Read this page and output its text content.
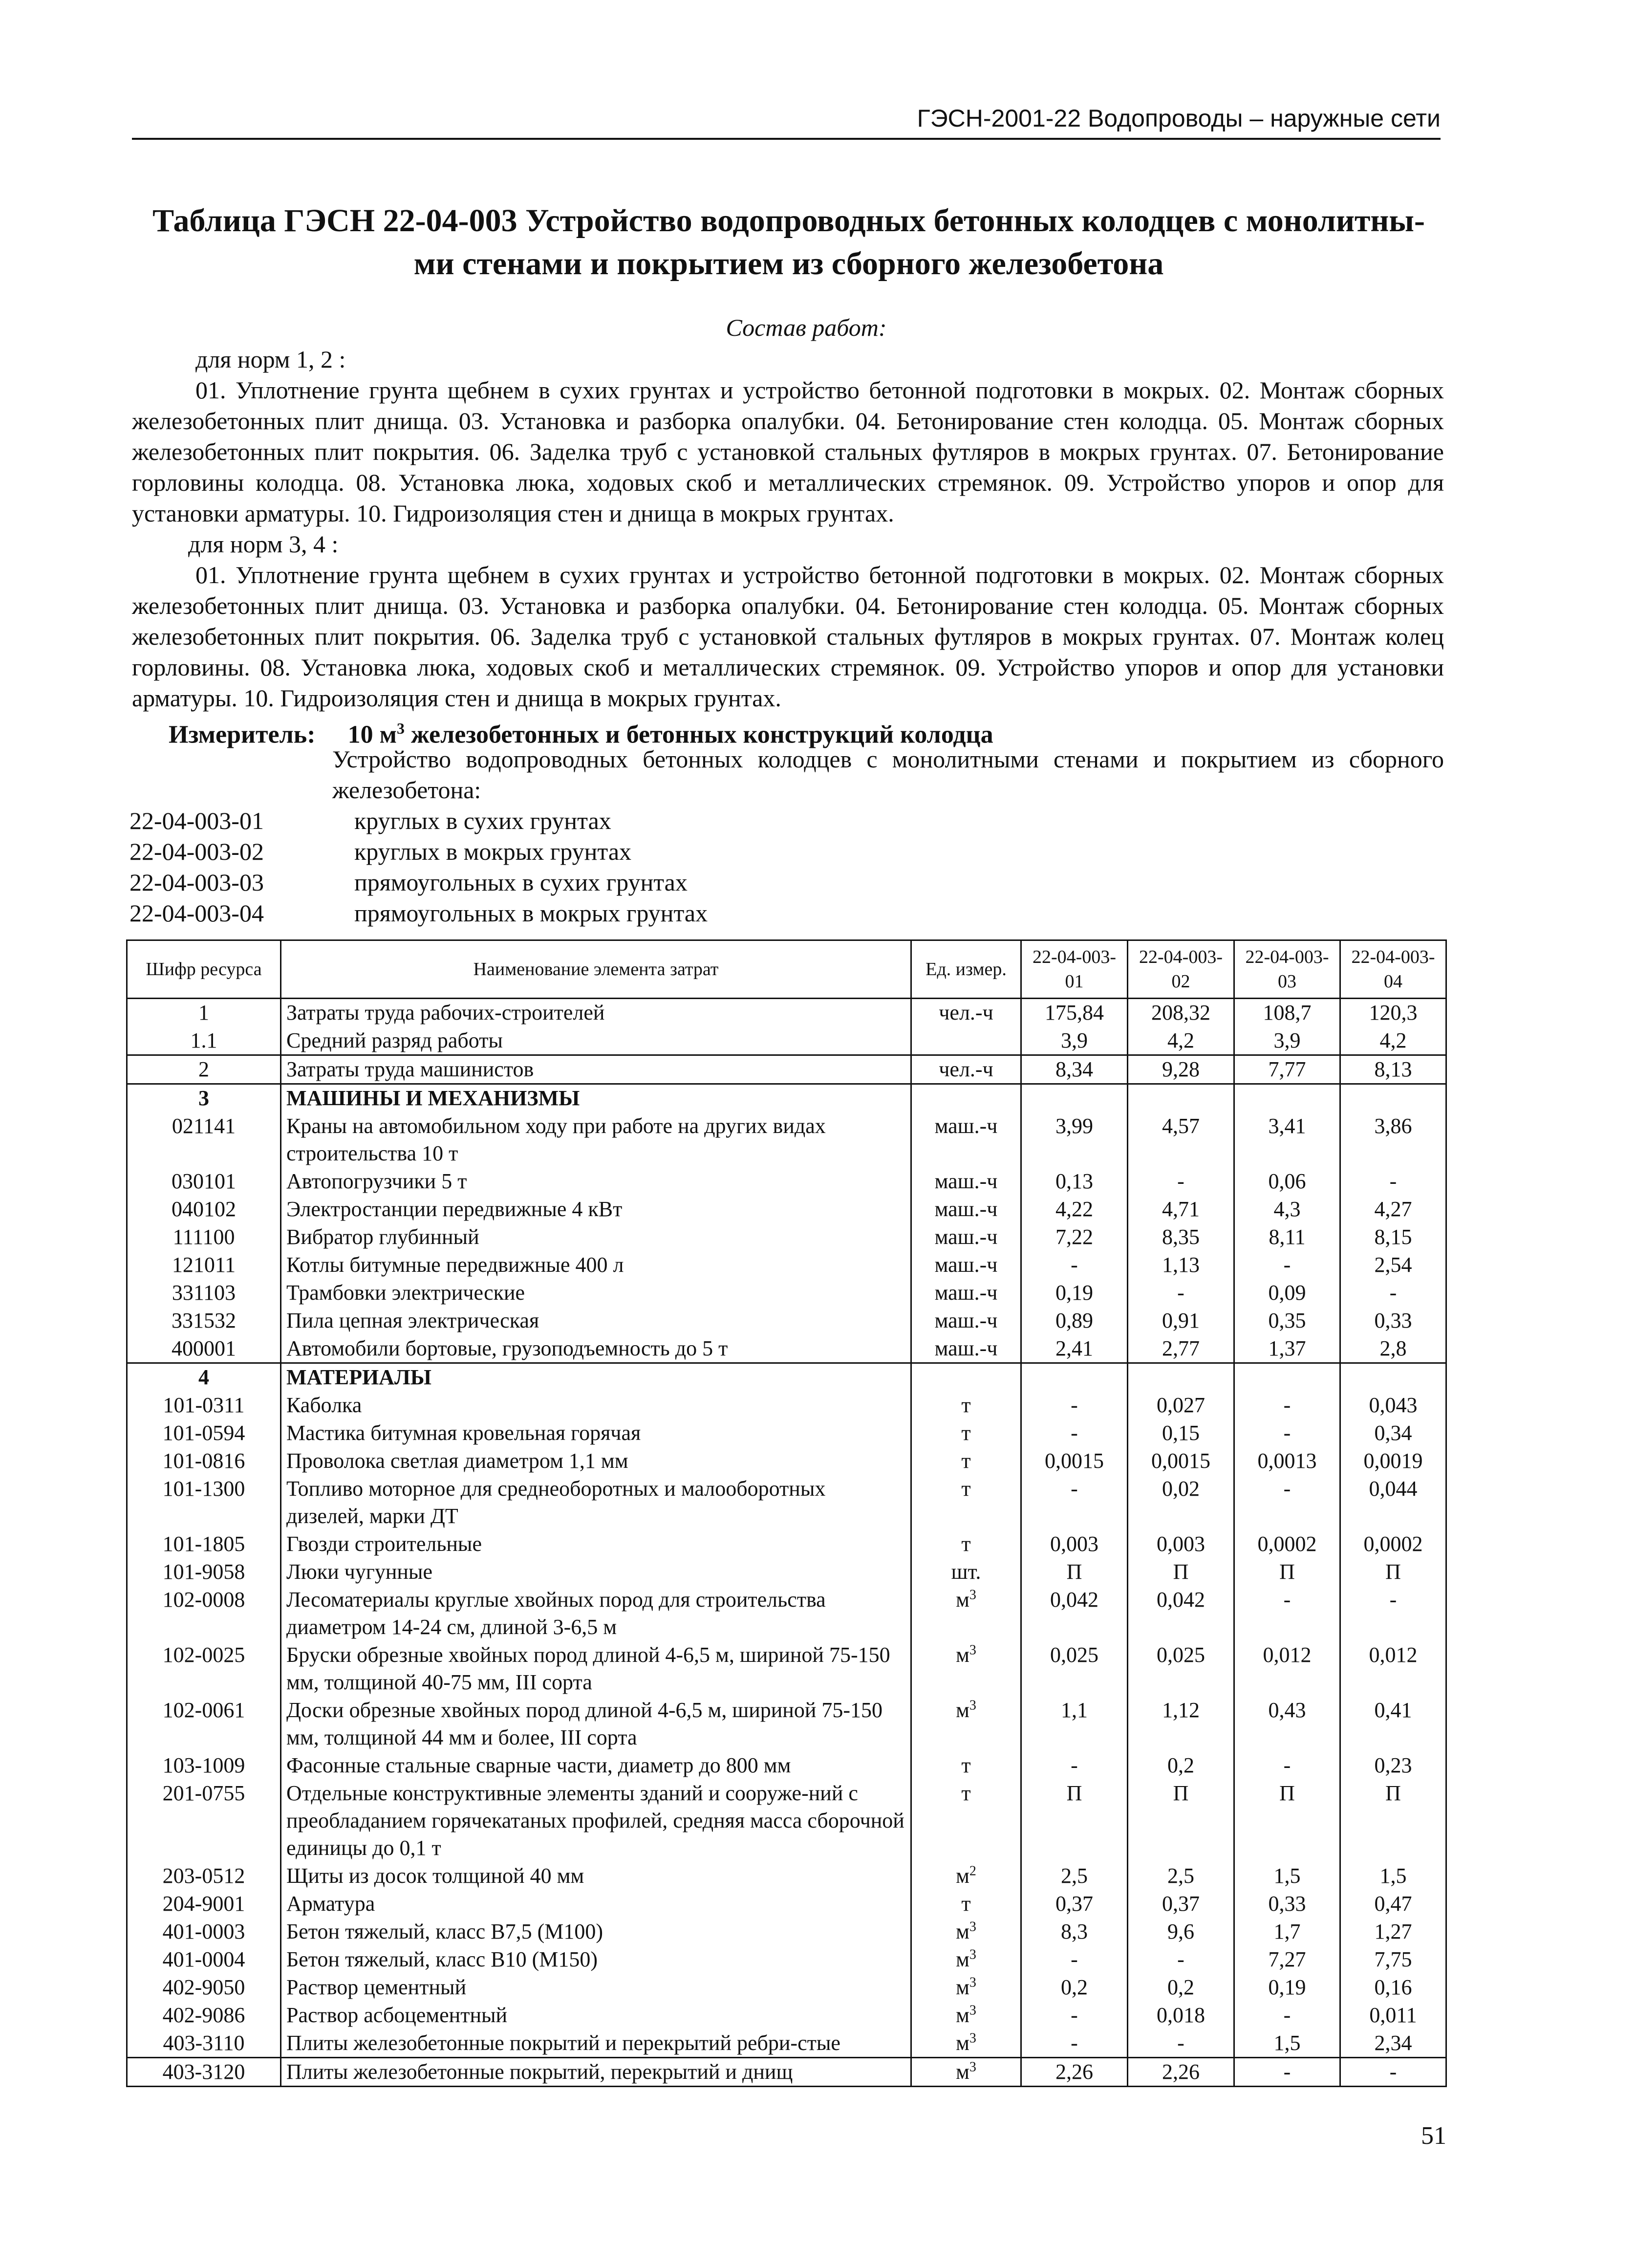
ГЭСН-2001-22 Водопроводы – наружные сети
Таблица ГЭСН 22-04-003 Устройство водопроводных бетонных колодцев с монолитны-
ми стенами и покрытием из сборного железобетона
Состав работ:
для норм 1, 2 :

01. Уплотнение грунта щебнем в сухих грунтах и устройство бетонной подготовки в мокрых. 02. Монтаж сборных железобетонных плит днища. 03. Установка и разборка опалубки. 04. Бетонирование стен колодца. 05. Монтаж сборных железобетонных плит покрытия. 06. Заделка труб с установкой стальных футляров в мокрых грунтах. 07. Бетонирование горловины колодца. 08. Установка люка, ходовых скоб и металлических стремянок. 09. Устройство упоров и опор для установки арматуры. 10. Гидроизоляция стен и днища в мокрых грунтах.

для норм 3, 4 :

01. Уплотнение грунта щебнем в сухих грунтах и устройство бетонной подготовки в мокрых. 02. Монтаж сборных железобетонных плит днища. 03. Установка и разборка опалубки. 04. Бетонирование стен колодца. 05. Монтаж сборных железобетонных плит покрытия. 06. Заделка труб с установкой стальных футляров в мокрых грунтах. 07. Монтаж колец горловины. 08. Установка люка, ходовых скоб и металлических стремянок. 09. Устройство упоров и опор для установки арматуры. 10. Гидроизоляция стен и днища в мокрых грунтах.

Измеритель: 10 $м^3$ железобетонных и бетонных конструкций колодца
Устройство водопроводных бетонных колодцев с монолитными стенами и покрытием из сборного железобетона:
22-04-003-01	круглых в сухих грунтах
22-04-003-02	круглых в мокрых грунтах
22-04-003-03	прямоугольных в сухих грунтах
22-04-003-04	прямоугольных в мокрых грунтах
Шифр ресурса	Наименование элемента затрат	Ед. измер.	22-04-003-01	22-04-003-02	22-04-003-03	22-04-003-04
1	Затраты труда рабочих-строителей	чел.-ч	175,84	208,32	108,7	120,3
1.1	Средний разряд работы		3,9	4,2	3,9	4,2
2	Затраты труда машинистов	чел.-ч	8,34	9,28	7,77	8,13
3	МАШИНЫ И МЕХАНИЗМЫ					
021141	Краны на автомобильном ходу при работе на других видах строительства 10 т	маш.-ч	3,99	4,57	3,41	3,86
030101	Автопогрузчики 5 т	маш.-ч	0,13	-	0,06	-
040102	Электростанции передвижные 4 кВт	маш.-ч	4,22	4,71	4,3	4,27
111100	Вибратор глубинный	маш.-ч	7,22	8,35	8,11	8,15
121011	Котлы битумные передвижные 400 л	маш.-ч	-	1,13	-	2,54
331103	Трамбовки электрические	маш.-ч	0,19	-	0,09	-
331532	Пила цепная электрическая	маш.-ч	0,89	0,91	0,35	0,33
400001	Автомобили бортовые, грузоподъемность до 5 т	маш.-ч	2,41	2,77	1,37	2,8
4	МАТЕРИАЛЫ					
101-0311	Каболка	т	-	0,027	-	0,043
101-0594	Мастика битумная кровельная горячая	т	-	0,15	-	0,34
101-0816	Проволока светлая диаметром 1,1 мм	т	0,0015	0,0015	0,0013	0,0019
101-1300	Топливо моторное для среднеоборотных и малооборотных дизелей, марки ДТ	т	-	0,02	-	0,044
101-1805	Гвозди строительные	т	0,003	0,003	0,0002	0,0002
101-9058	Люки чугунные	шт.	П	П	П	П
102-0008	Лесоматериалы круглые хвойных пород для строительства диаметром 14-24 см, длиной 3-6,5 м	$м^3$	0,042	0,042	-	-
102-0025	Бруски обрезные хвойных пород длиной 4-6,5 м, шириной 75-150 мм, толщиной 40-75 мм, III сорта	$м^3$	0,025	0,025	0,012	0,012
102-0061	Доски обрезные хвойных пород длиной 4-6,5 м, шириной 75-150 мм, толщиной 44 мм и более, III сорта	$м^3$	1,1	1,12	0,43	0,41
103-1009	Фасонные стальные сварные части, диаметр до 800 мм	т	-	0,2	-	0,23
201-0755	Отдельные конструктивные элементы зданий и сооруже-ний с преобладанием горячекатаных профилей, средняя масса сборочной единицы до 0,1 т	т	П	П	П	П
203-0512	Щиты из досок толщиной 40 мм	$м^2$	2,5	2,5	1,5	1,5
204-9001	Арматура	т	0,37	0,37	0,33	0,47
401-0003	Бетон тяжелый, класс В7,5 (М100)	$м^3$	8,3	9,6	1,7	1,27
401-0004	Бетон тяжелый, класс В10 (М150)	$м^3$	-	-	7,27	7,75
402-9050	Раствор цементный	$м^3$	0,2	0,2	0,19	0,16
402-9086	Раствор асбоцементный	$м^3$	-	0,018	-	0,011
403-3110	Плиты железобетонные покрытий и перекрытий ребри-стые	$м^3$	-	-	1,5	2,34
403-3120	Плиты железобетонные покрытий, перекрытий и днищ	$м^3$	2,26	2,26	-	-
51
